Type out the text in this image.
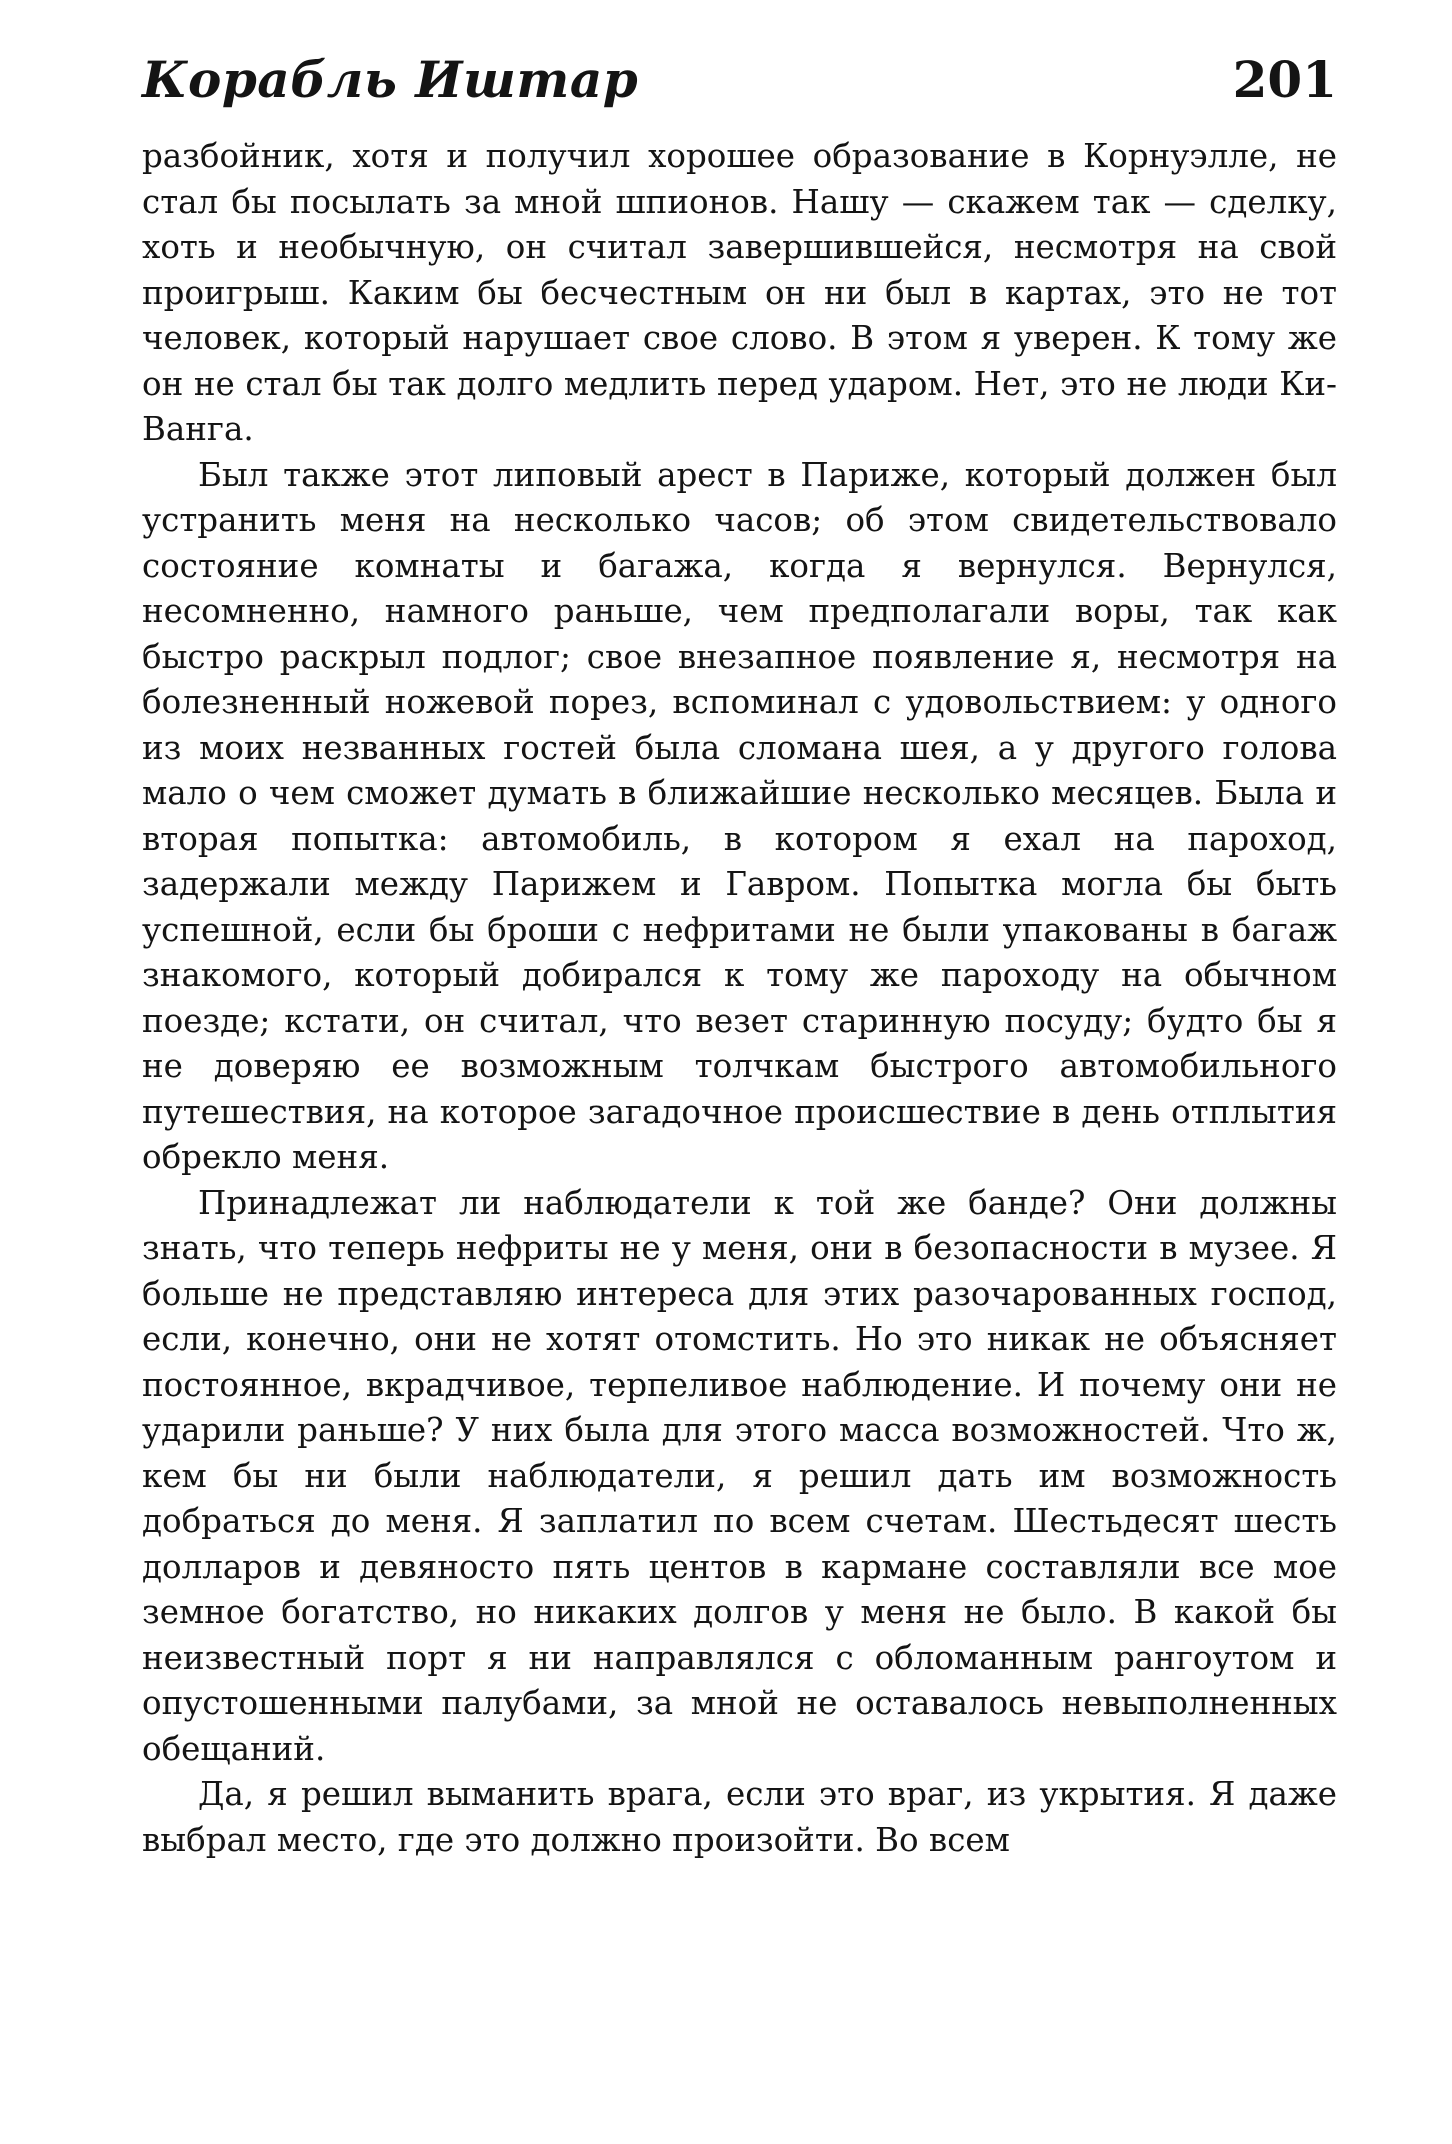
Корабль Иштар	201

разбойник, хотя и получил хорошее образование в Корнуэлле, не стал бы посылать за мной шпионов. Нашу — скажем так — сделку, хоть и необычную, он считал завершившейся, несмотря на свой проигрыш. Каким бы бесчестным он ни был в картах, это не тот человек, который нарушает свое слово. В этом я уверен. К тому же он не стал бы так долго медлить перед ударом. Нет, это не люди Ки-Ванга.

Был также этот липовый арест в Париже, который должен был устранить меня на несколько часов; об этом свидетельствовало состояние комнаты и багажа, когда я вернулся. Вернулся, несомненно, намного раньше, чем предполагали воры, так как быстро раскрыл подлог; свое внезапное появление я, несмотря на болезненный ножевой порез, вспоминал с удовольствием: у одного из моих незванных гостей была сломана шея, а у другого голова мало о чем сможет думать в ближайшие несколько месяцев. Была и вторая попытка: автомобиль, в котором я ехал на пароход, задержали между Парижем и Гавром. Попытка могла бы быть успешной, если бы броши с нефритами не были упакованы в багаж знакомого, который добирался к тому же пароходу на обычном поезде; кстати, он считал, что везет старинную посуду; будто бы я не доверяю ее возможным толчкам быстрого автомобильного путешествия, на которое загадочное происшествие в день отплытия обрекло меня.

Принадлежат ли наблюдатели к той же банде? Они должны знать, что теперь нефриты не у меня, они в безопасности в музее. Я больше не представляю интереса для этих разочарованных господ, если, конечно, они не хотят отомстить. Но это никак не объясняет постоянное, вкрадчивое, терпеливое наблюдение. И почему они не ударили раньше? У них была для этого масса возможностей. Что ж, кем бы ни были наблюдатели, я решил дать им возможность добраться до меня. Я заплатил по всем счетам. Шестьдесят шесть долларов и девяносто пять центов в кармане составляли все мое земное богатство, но никаких долгов у меня не было. В какой бы неизвестный порт я ни направлялся с обломанным рангоутом и опустошенными палубами, за мной не оставалось невыполненных обещаний.

Да, я решил выманить врага, если это враг, из укрытия. Я даже выбрал место, где это должно произойти. Во всем
